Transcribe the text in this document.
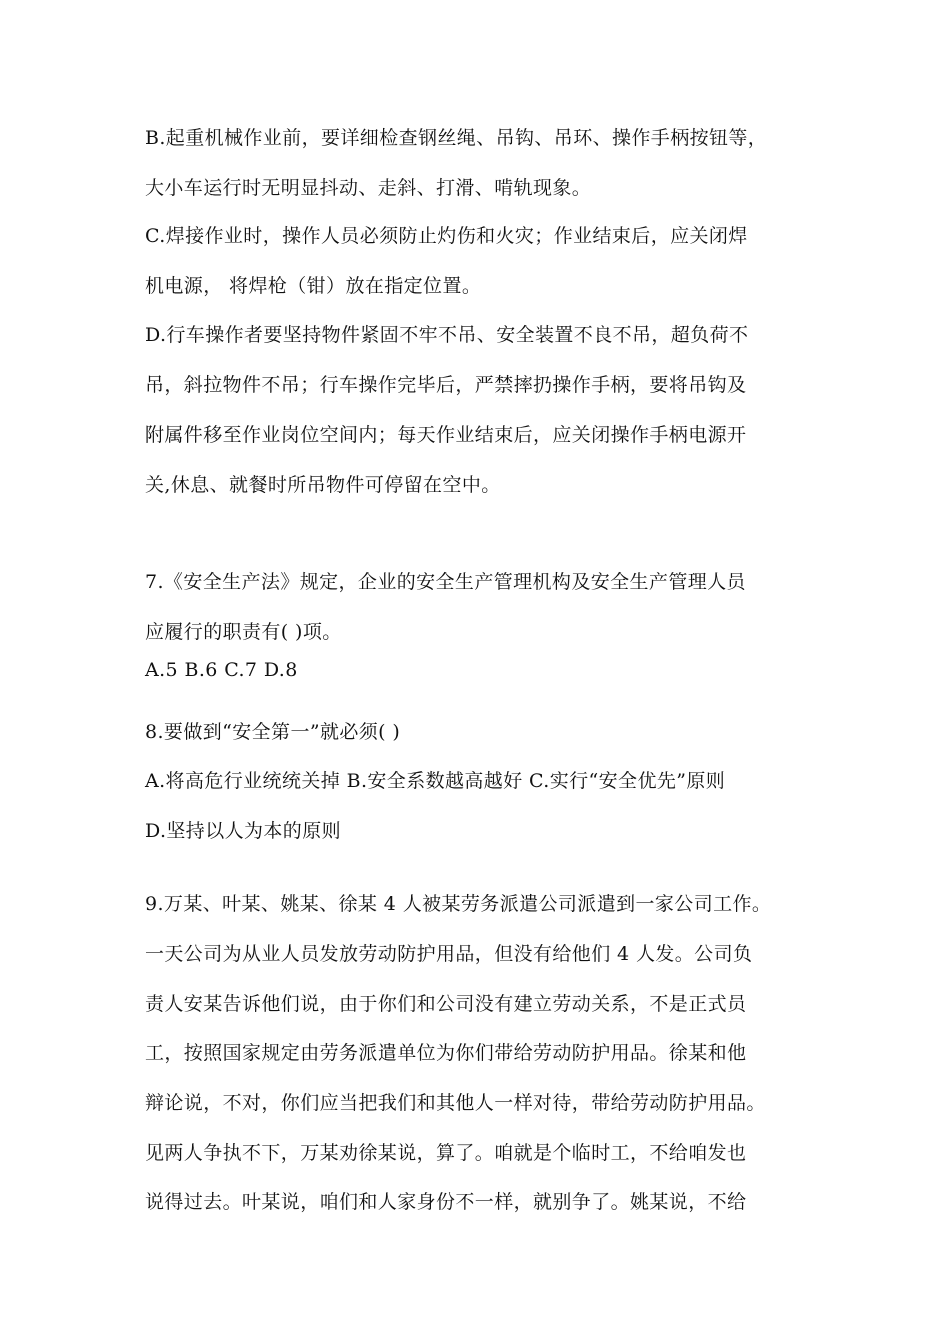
B.起重机械作业前，要详细检查钢丝绳、吊钩、吊环、操作手柄按钮等，
大小车运行时无明显抖动、走斜、打滑、啃轨现象。
C.焊接作业时，操作人员必须防止灼伤和火灾；作业结束后，应关闭焊
机电源， 将焊枪（钳）放在指定位置。
D.行车操作者要坚持物件紧固不牢不吊、安全装置不良不吊，超负荷不
吊，斜拉物件不吊；行车操作完毕后，严禁摔扔操作手柄，要将吊钩及
附属件移至作业岗位空间内；每天作业结束后，应关闭操作手柄电源开
关,休息、就餐时所吊物件可停留在空中。
7.《安全生产法》规定，企业的安全生产管理机构及安全生产管理人员
应履行的职责有( )项。
A.5 B.6 C.7 D.8
8.要做到“安全第一”就必须( )
A.将高危行业统统关掉 B.安全系数越高越好 C.实行“安全优先”原则
D.坚持以人为本的原则
9.万某、叶某、姚某、徐某 4 人被某劳务派遣公司派遣到一家公司工作。
一天公司为从业人员发放劳动防护用品，但没有给他们 4 人发。公司负
责人安某告诉他们说，由于你们和公司没有建立劳动关系，不是正式员
工，按照国家规定由劳务派遣单位为你们带给劳动防护用品。徐某和他
辩论说，不对，你们应当把我们和其他人一样对待，带给劳动防护用品。
见两人争执不下，万某劝徐某说，算了。咱就是个临时工，不给咱发也
说得过去。叶某说，咱们和人家身份不一样，就别争了。姚某说，不给
